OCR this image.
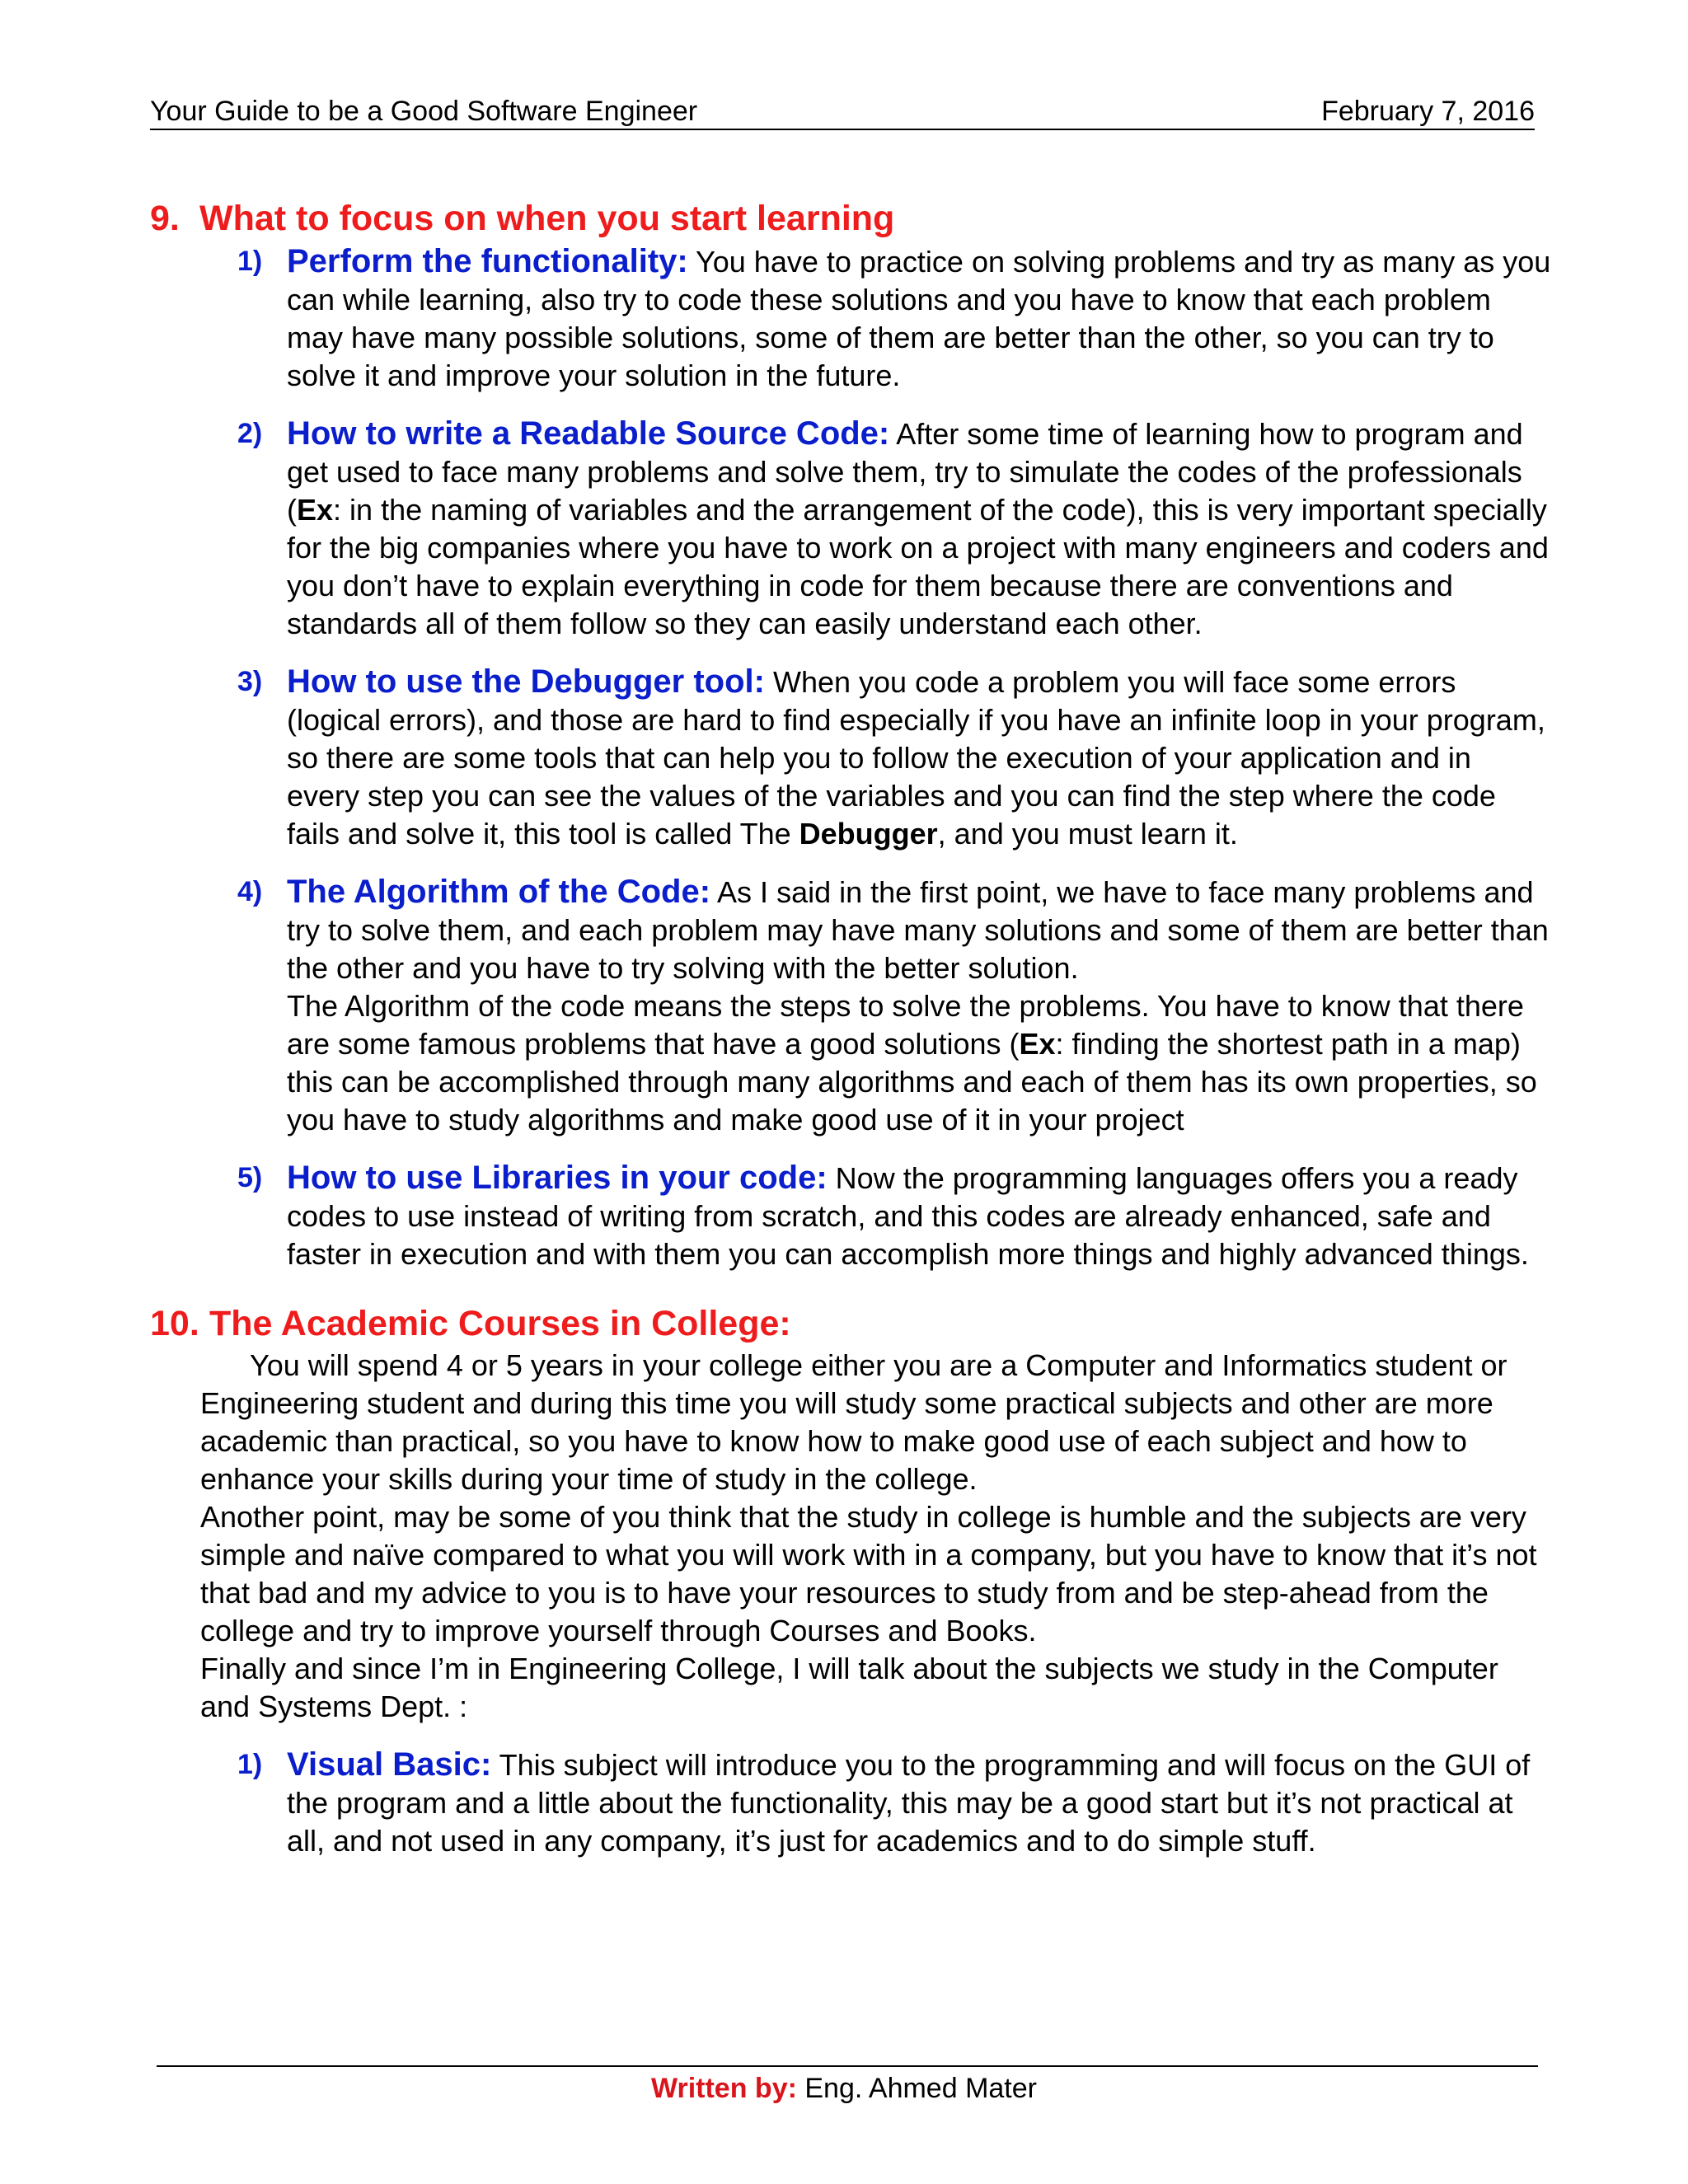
Your Guide to be a Good Software Engineer	February 7, 2016
9. What to focus on when you start learning
1) Perform the functionality: You have to practice on solving problems and try as many as you can while learning, also try to code these solutions and you have to know that each problem may have many possible solutions, some of them are better than the other, so you can try to solve it and improve your solution in the future.
2) How to write a Readable Source Code: After some time of learning how to program and get used to face many problems and solve them, try to simulate the codes of the professionals (Ex: in the naming of variables and the arrangement of the code), this is very important specially for the big companies where you have to work on a project with many engineers and coders and you don’t have to explain everything in code for them because there are conventions and standards all of them follow so they can easily understand each other.
3) How to use the Debugger tool: When you code a problem you will face some errors (logical errors), and those are hard to find especially if you have an infinite loop in your program, so there are some tools that can help you to follow the execution of your application and in every step you can see the values of the variables and you can find the step where the code fails and solve it, this tool is called The Debugger, and you must learn it.
4) The Algorithm of the Code: As I said in the first point, we have to face many problems and try to solve them, and each problem may have many solutions and some of them are better than the other and you have to try solving with the better solution.
The Algorithm of the code means the steps to solve the problems. You have to know that there are some famous problems that have a good solutions (Ex: finding the shortest path in a map) this can be accomplished through many algorithms and each of them has its own properties, so you have to study algorithms and make good use of it in your project
5) How to use Libraries in your code: Now the programming languages offers you a ready codes to use instead of writing from scratch, and this codes are already enhanced, safe and faster in execution and with them you can accomplish more things and highly advanced things.
10. The Academic Courses in College:
You will spend 4 or 5 years in your college either you are a Computer and Informatics student or Engineering student and during this time you will study some practical subjects and other are more academic than practical, so you have to know how to make good use of each subject and how to enhance your skills during your time of study in the college.
Another point, may be some of you think that the study in college is humble and the subjects are very simple and naïve compared to what you will work with in a company, but you have to know that it’s not that bad and my advice to you is to have your resources to study from and be step-ahead from the college and try to improve yourself through Courses and Books.
Finally and since I’m in Engineering College, I will talk about the subjects we study in the Computer and Systems Dept. :
1) Visual Basic: This subject will introduce you to the programming and will focus on the GUI of the program and a little about the functionality, this may be a good start but it’s not practical at all, and not used in any company, it’s just for academics and to do simple stuff.
Written by: Eng. Ahmed Mater
